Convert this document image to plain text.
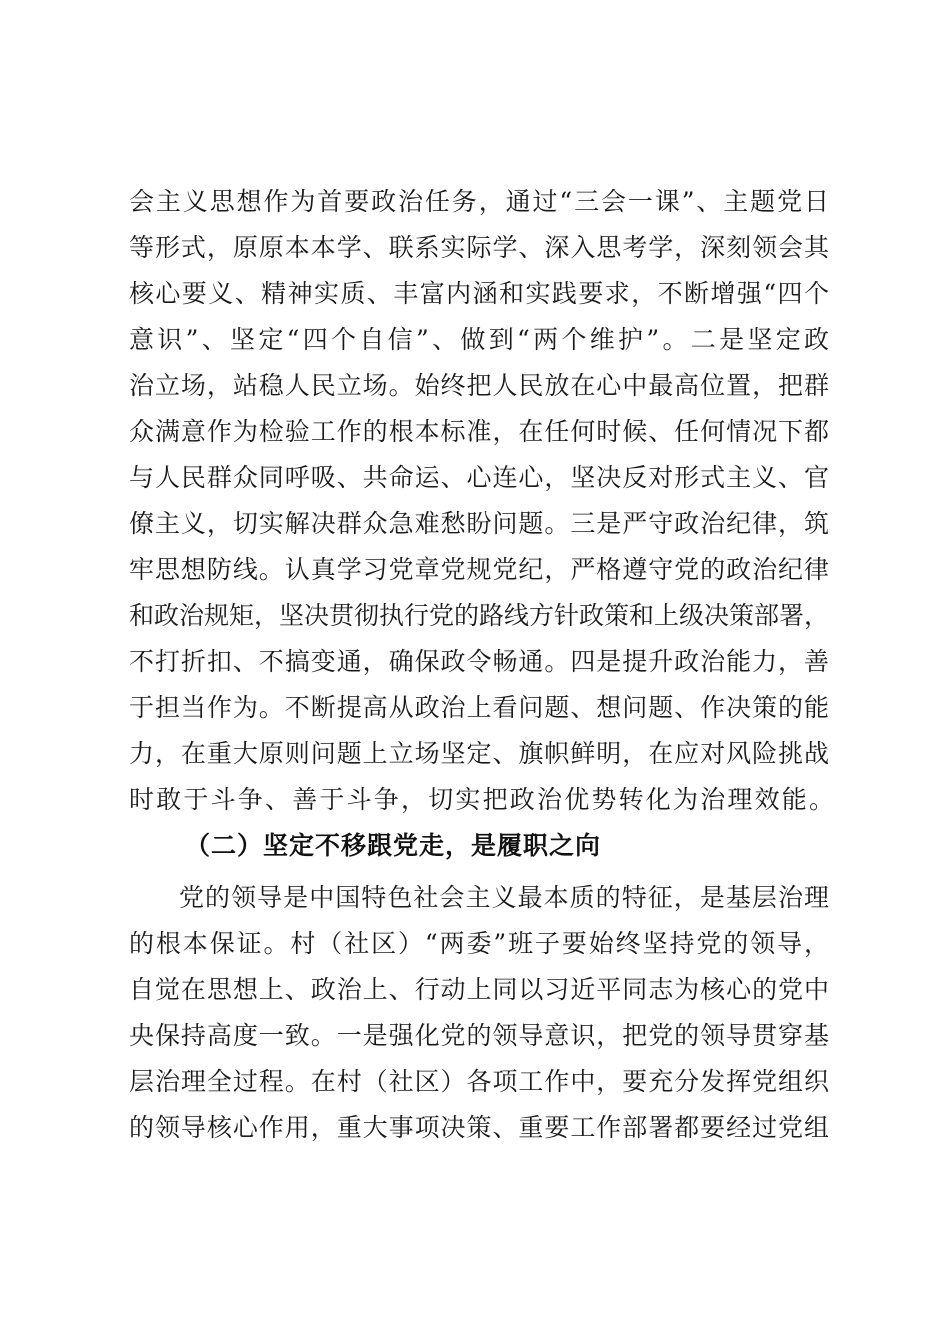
会主义思想作为首要政治任务，通过“三会一课”、主题党日
等形式，原原本本学、联系实际学、深入思考学，深刻领会其
核心要义、精神实质、丰富内涵和实践要求，不断增强“四个
意识”、坚定“四个自信”、做到“两个维护”。二是坚定政
治立场，站稳人民立场。始终把人民放在心中最高位置，把群
众满意作为检验工作的根本标准，在任何时候、任何情况下都
与人民群众同呼吸、共命运、心连心，坚决反对形式主义、官
僚主义，切实解决群众急难愁盼问题。三是严守政治纪律，筑
牢思想防线。认真学习党章党规党纪，严格遵守党的政治纪律
和政治规矩，坚决贯彻执行党的路线方针政策和上级决策部署，
不打折扣、不搞变通，确保政令畅通。四是提升政治能力，善
于担当作为。不断提高从政治上看问题、想问题、作决策的能
力，在重大原则问题上立场坚定、旗帜鲜明，在应对风险挑战
时敢于斗争、善于斗争，切实把政治优势转化为治理效能。
（二）坚定不移跟党走，是履职之向
党的领导是中国特色社会主义最本质的特征，是基层治理
的根本保证。村（社区）“两委”班子要始终坚持党的领导，
自觉在思想上、政治上、行动上同以习近平同志为核心的党中
央保持高度一致。一是强化党的领导意识，把党的领导贯穿基
层治理全过程。在村（社区）各项工作中，要充分发挥党组织
的领导核心作用，重大事项决策、重要工作部署都要经过党组
